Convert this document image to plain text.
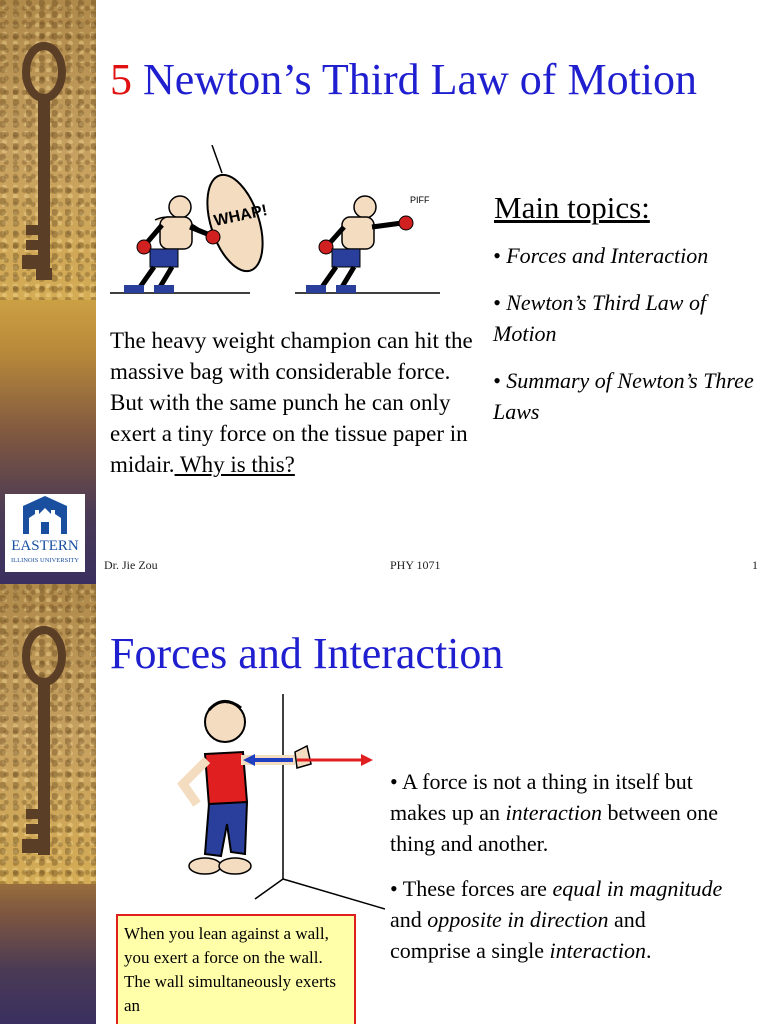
EASTERN
ILLINOIS UNIVERSITY
5 Newton’s Third Law of Motion
WHAP!
PIFF
The heavy weight champion can hit the massive bag with considerable force. But with the same punch he can only exert a tiny force on the tissue paper in midair. Why is this?
Main topics:
• Forces and Interaction
• Newton’s Third Law of Motion
• Summary of Newton’s Three Laws
Dr. Jie Zou	PHY 1071	1
Forces and Interaction
When you lean against a wall, you exert a force on the wall. The wall simultaneously exerts an

• A force is not a thing in itself but makes up an interaction between one thing and another.

• These forces are equal in magnitude and opposite in direction and comprise a single interaction.
